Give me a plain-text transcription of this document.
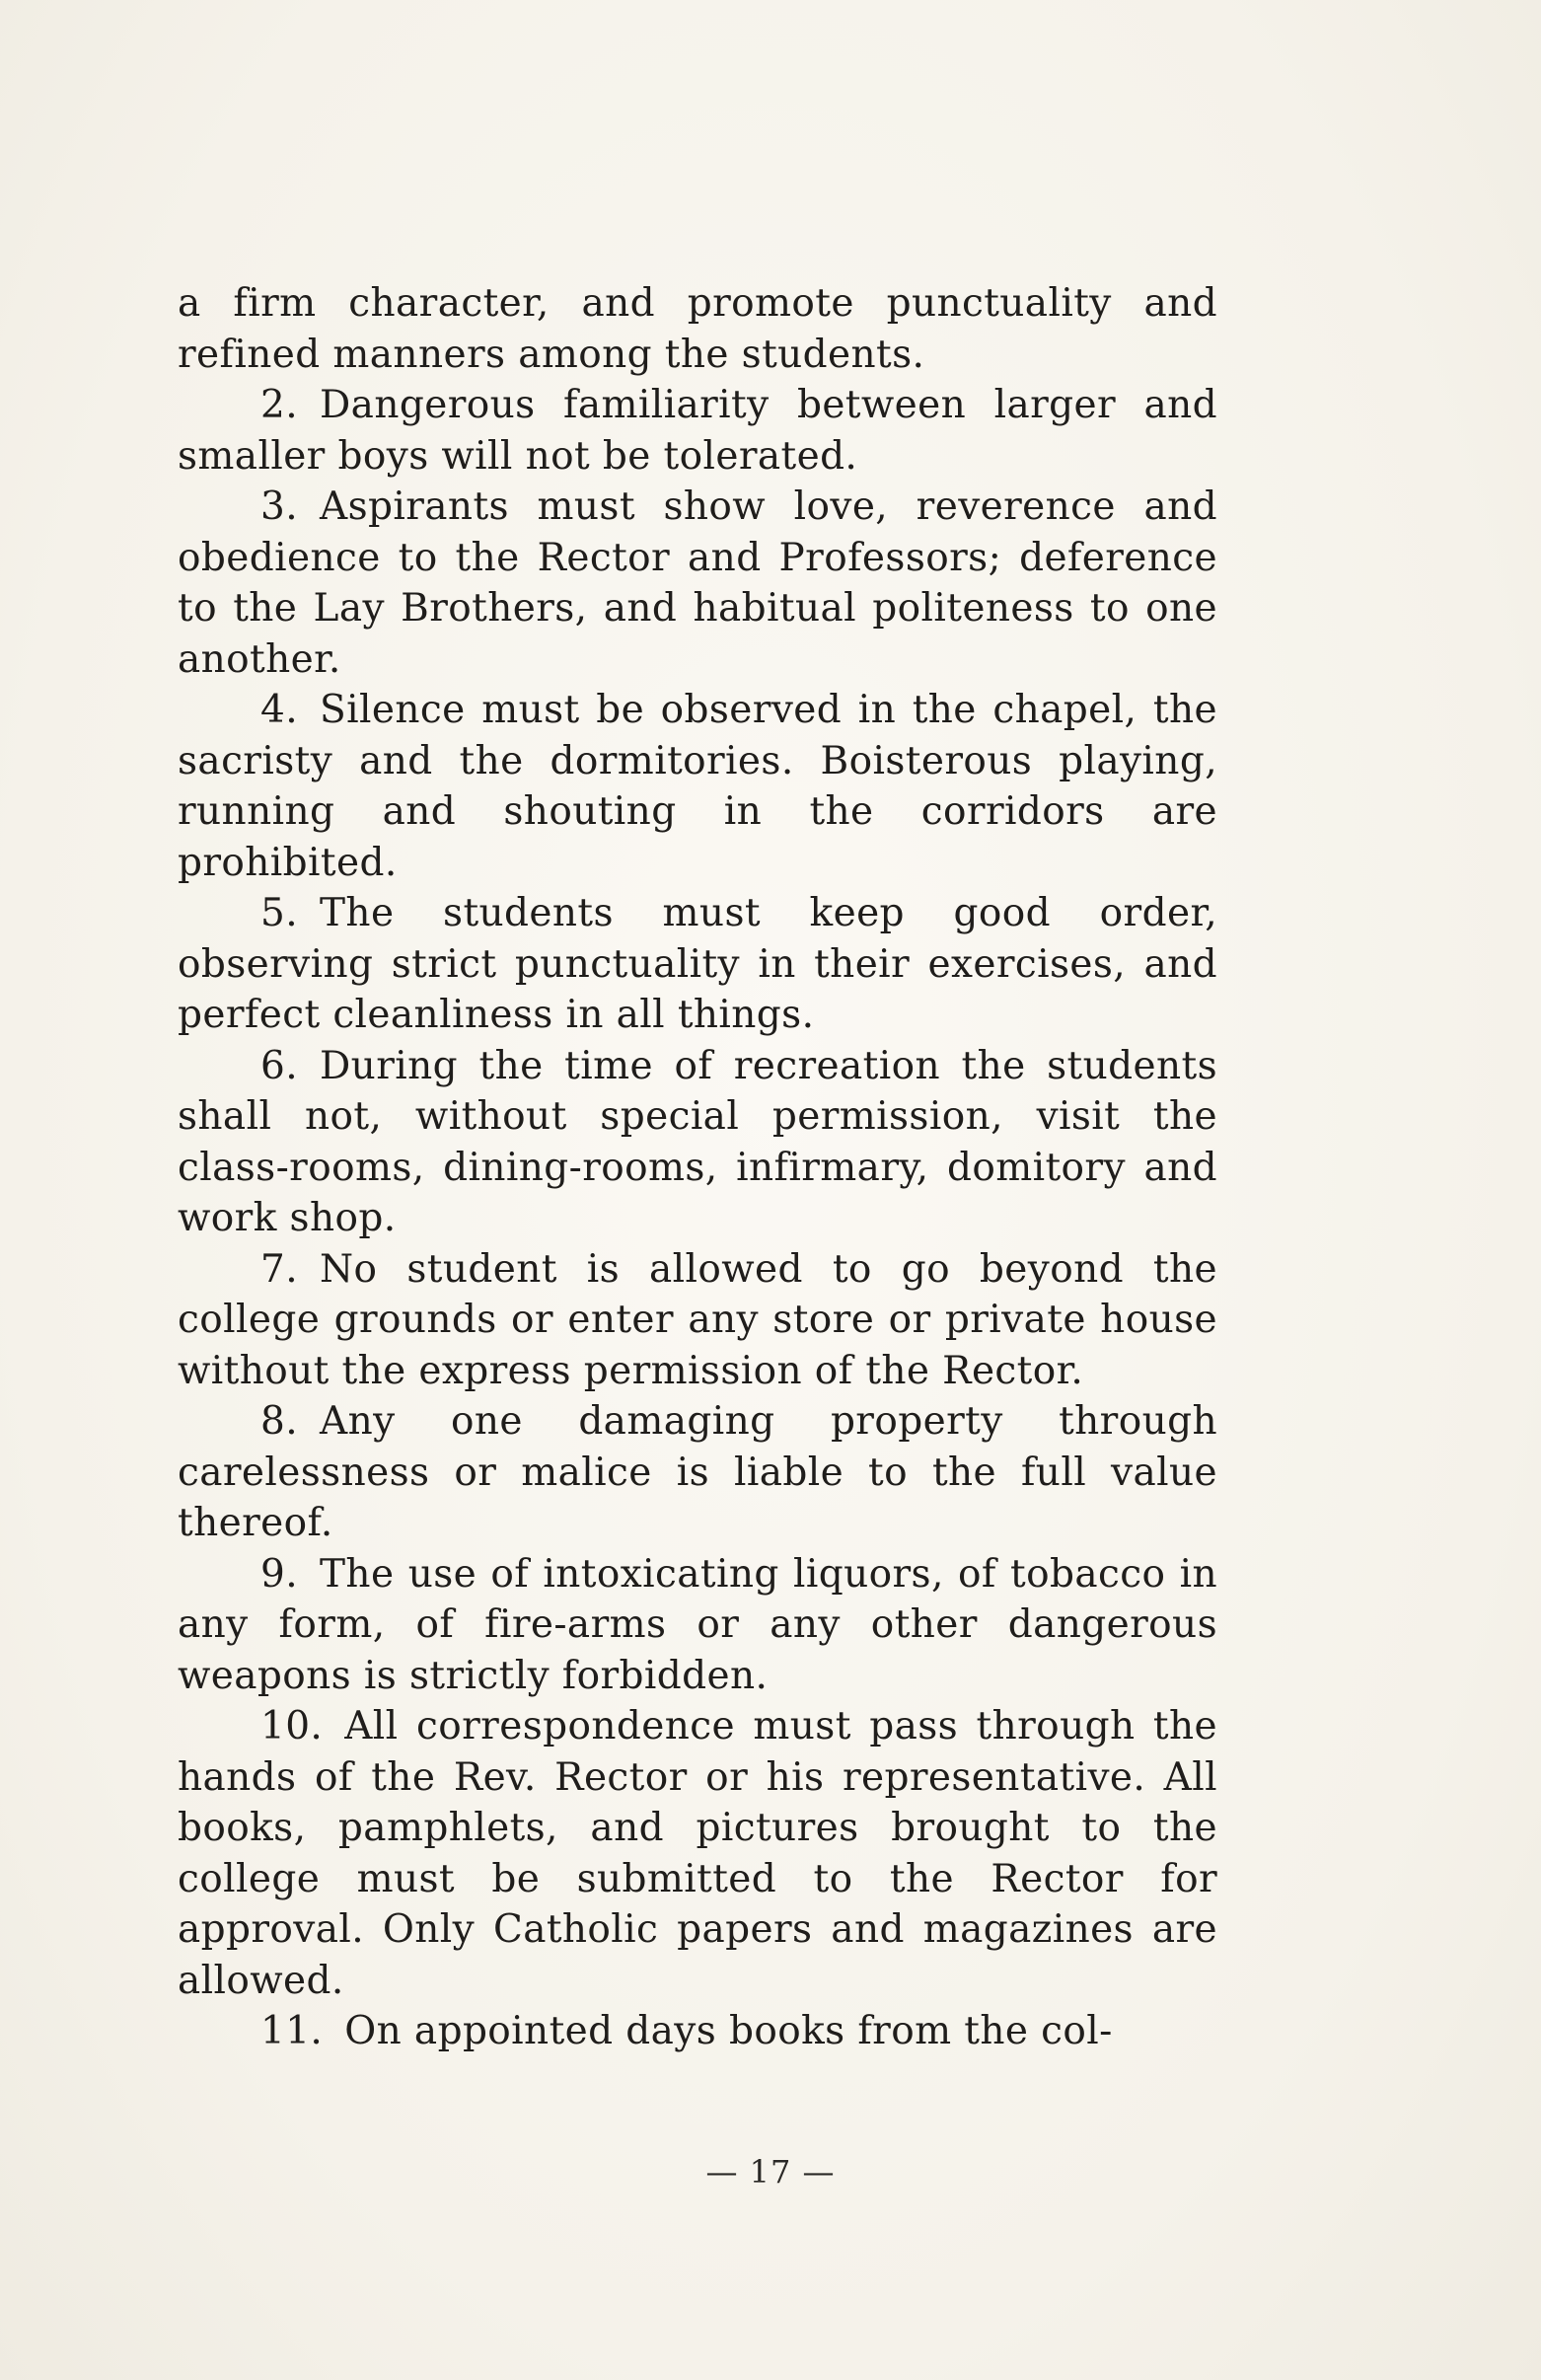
a firm character, and promote punctuality and refined manners among the students.

2. Dangerous familiarity between larger and smaller boys will not be tolerated.

3. Aspirants must show love, reverence and obedience to the Rector and Professors; deference to the Lay Brothers, and habitual politeness to one another.

4. Silence must be observed in the chapel, the sacristy and the dormitories. Boisterous playing, running and shouting in the corridors are prohibited.

5. The students must keep good order, observing strict punctuality in their exercises, and perfect cleanliness in all things.

6. During the time of recreation the students shall not, without special permission, visit the class-rooms, dining-rooms, infirmary, domitory and work shop.

7. No student is allowed to go beyond the college grounds or enter any store or private house without the express permission of the Rector.

8. Any one damaging property through carelessness or malice is liable to the full value thereof.

9. The use of intoxicating liquors, of tobacco in any form, of fire-arms or any other dangerous weapons is strictly forbidden.

10. All correspondence must pass through the hands of the Rev. Rector or his representative. All books, pamphlets, and pictures brought to the college must be submitted to the Rector for approval. Only Catholic papers and magazines are allowed.

11. On appointed days books from the col-

— 17 —
